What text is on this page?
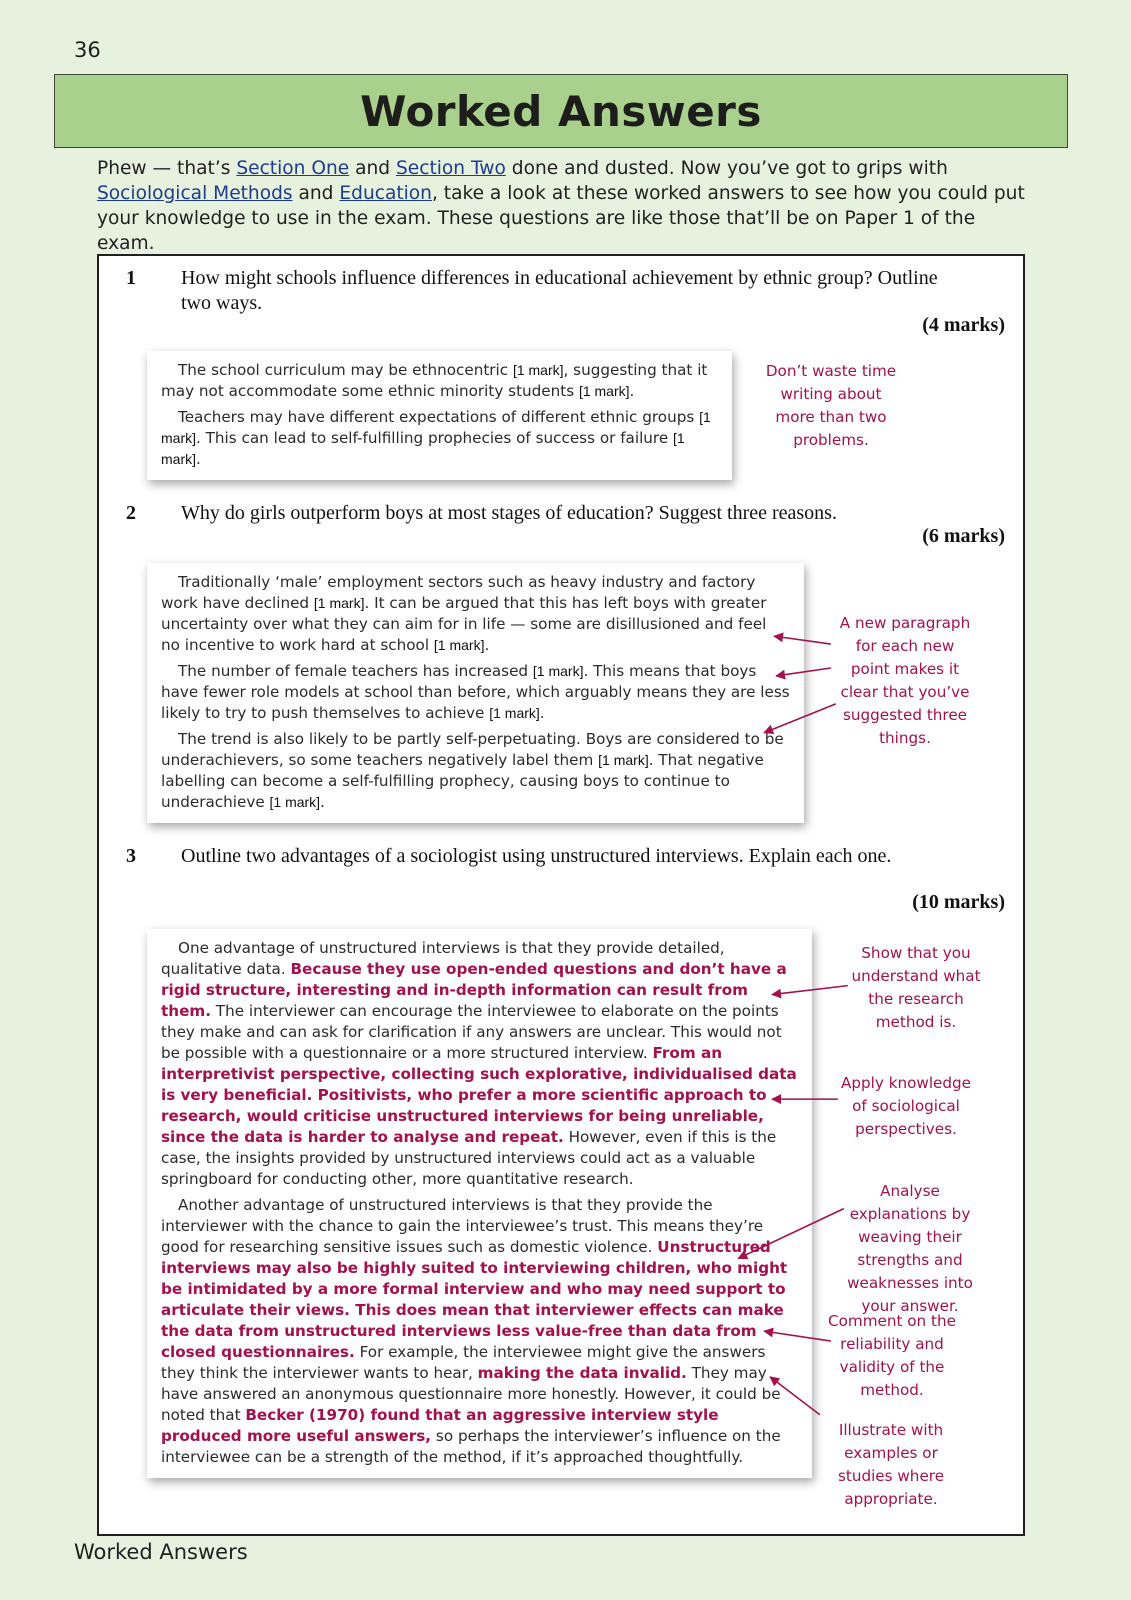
36
Worked Answers
Phew — that’s Section One and Section Two done and dusted. Now you’ve got to grips with
Sociological Methods and Education, take a look at these worked answers to see how you could put your knowledge to use in the exam. These questions are like those that’ll be on Paper 1 of the exam.
1 How might schools influence differences in educational achievement by ethnic group? Outline two ways.
(4 marks)

The school curriculum may be ethnocentric [1 mark], suggesting that it may not accommodate some ethnic minority students [1 mark].

Teachers may have different expectations of different ethnic groups [1 mark]. This can lead to self-fulfilling prophecies of success or failure [1 mark].

Don’t waste time writing about more than two problems.
2 Why do girls outperform boys at most stages of education? Suggest three reasons.
(6 marks)

Traditionally ‘male’ employment sectors such as heavy industry and factory work have declined [1 mark]. It can be argued that this has left boys with greater uncertainty over what they can aim for in life — some are disillusioned and feel no incentive to work hard at school [1 mark].

The number of female teachers has increased [1 mark]. This means that boys have fewer role models at school than before, which arguably means they are less likely to try to push themselves to achieve [1 mark].

The trend is also likely to be partly self-perpetuating. Boys are considered to be underachievers, so some teachers negatively label them [1 mark]. That negative labelling can become a self-fulfilling prophecy, causing boys to continue to underachieve [1 mark].

A new paragraph for each new point makes it clear that you’ve suggested three things.
3 Outline two advantages of a sociologist using unstructured interviews. Explain each one.
(10 marks)

One advantage of unstructured interviews is that they provide detailed, qualitative data. Because they use open-ended questions and don’t have a rigid structure, interesting and in-depth information can result from them. The interviewer can encourage the interviewee to elaborate on the points they make and can ask for clarification if any answers are unclear. This would not be possible with a questionnaire or a more structured interview. From an interpretivist perspective, collecting such explorative, individualised data is very beneficial. Positivists, who prefer a more scientific approach to research, would criticise unstructured interviews for being unreliable, since the data is harder to analyse and repeat. However, even if this is the case, the insights provided by unstructured interviews could act as a valuable springboard for conducting other, more quantitative research.

Another advantage of unstructured interviews is that they provide the interviewer with the chance to gain the interviewee’s trust. This means they’re good for researching sensitive issues such as domestic violence. Unstructured interviews may also be highly suited to interviewing children, who might be intimidated by a more formal interview and who may need support to articulate their views. This does mean that interviewer effects can make the data from unstructured interviews less value-free than data from closed questionnaires. For example, the interviewee might give the answers they think the interviewer wants to hear, making the data invalid. They may have answered an anonymous questionnaire more honestly. However, it could be noted that Becker (1970) found that an aggressive interview style produced more useful answers, so perhaps the interviewer’s influence on the interviewee can be a strength of the method, if it’s approached thoughtfully.

Show that you understand what the research method is.
Apply knowledge of sociological perspectives.
Analyse explanations by weaving their strengths and weaknesses into your answer.
Comment on the reliability and validity of the method.
Illustrate with examples or studies where appropriate.
Worked Answers
